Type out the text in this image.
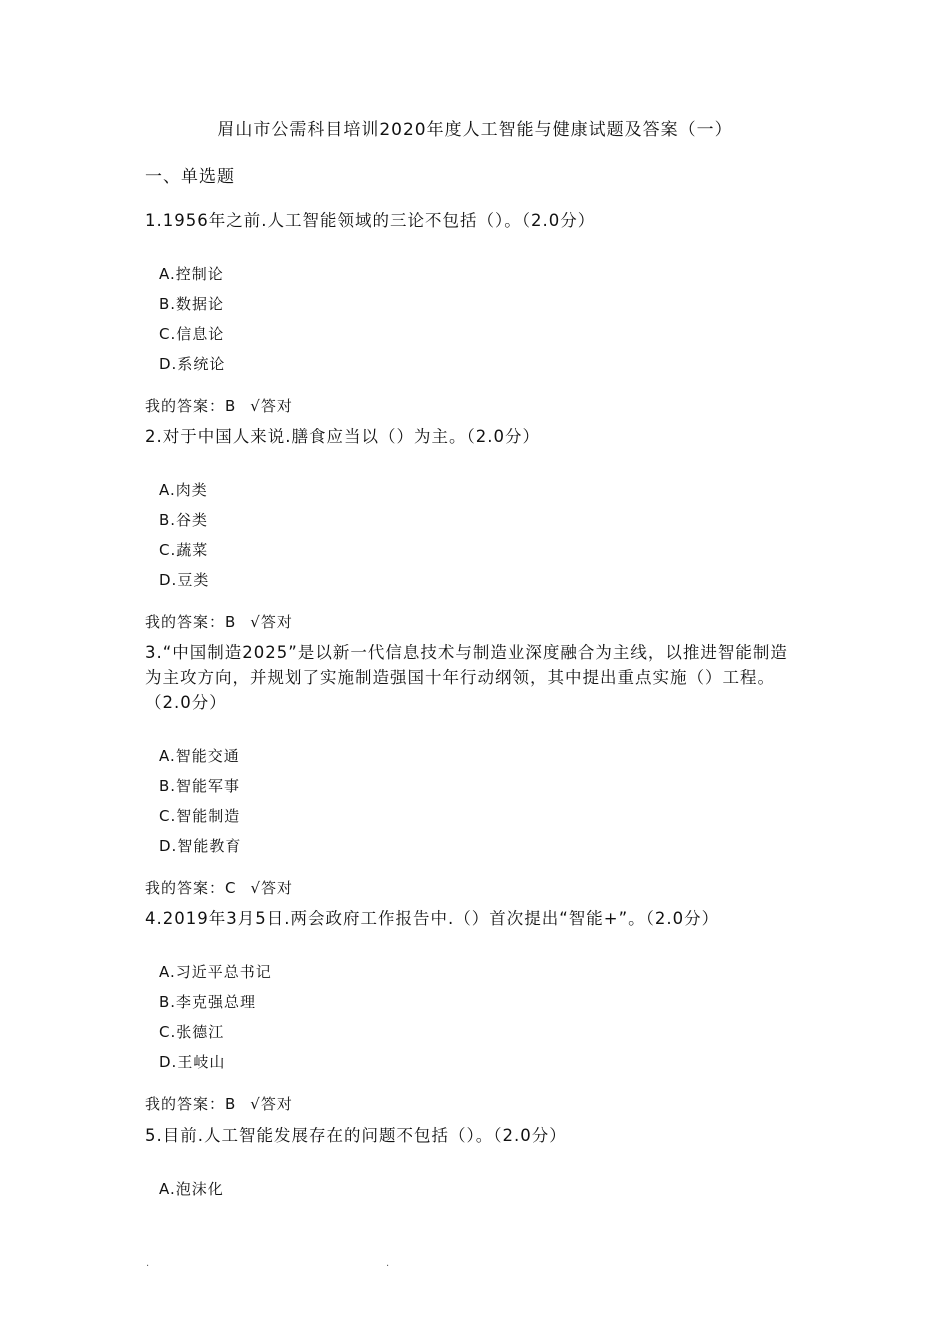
眉山市公需科目培训2020年度人工智能与健康试题及答案（一）
一、单选题

1.1956年之前.人工智能领域的三论不包括（）。（2.0分）

A.控制论
B.数据论
C.信息论
D.系统论
我的答案：B √答对

2.对于中国人来说.膳食应当以（）为主。（2.0分）

A.肉类
B.谷类
C.蔬菜
D.豆类
我的答案：B √答对

3.“中国制造2025”是以新一代信息技术与制造业深度融合为主线，以推进智能制造为主攻方向，并规划了实施制造强国十年行动纲领，其中提出重点实施（）工程。（2.0分）

A.智能交通
B.智能军事
C.智能制造
D.智能教育
我的答案：C √答对

4.2019年3月5日.两会政府工作报告中.（）首次提出“智能+”。（2.0分）

A.习近平总书记
B.李克强总理
C.张德江
D.王岐山
我的答案：B √答对

5.目前.人工智能发展存在的问题不包括（）。（2.0分）

A.泡沫化
.	.
